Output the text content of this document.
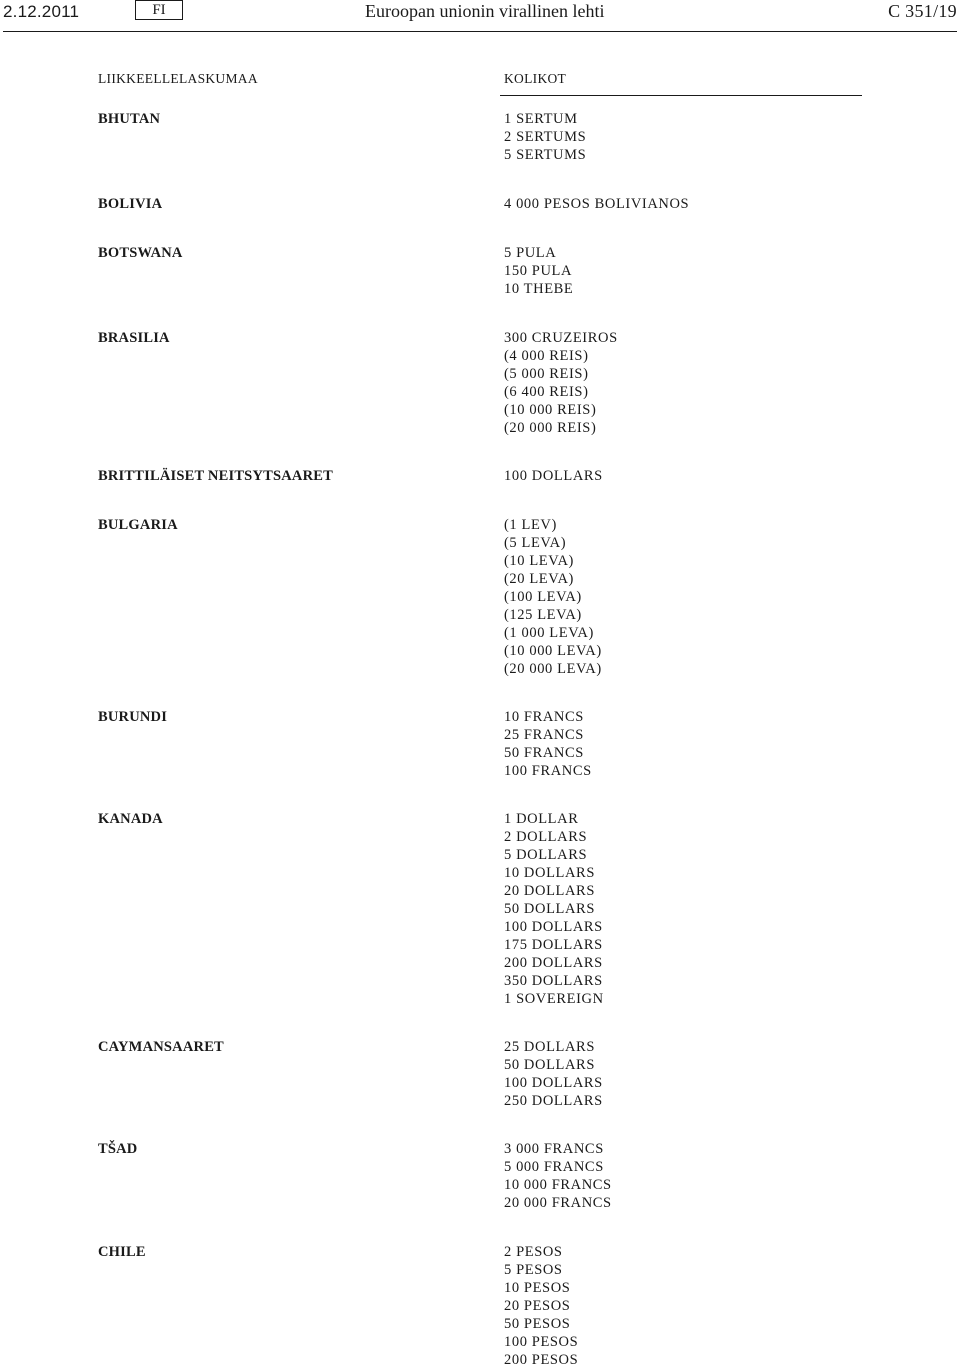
2.12.2011	FI	Euroopan unionin virallinen lehti	C 351/19
LIIKKEELLELASKUMAA	KOLIKOT
BHUTAN	1 SERTUM
2 SERTUMS
5 SERTUMS
BOLIVIA	4 000 PESOS BOLIVIANOS
BOTSWANA	5 PULA
150 PULA
10 THEBE
BRASILIA	300 CRUZEIROS
(4 000 REIS)
(5 000 REIS)
(6 400 REIS)
(10 000 REIS)
(20 000 REIS)
BRITTILÄISET NEITSYTSAARET	100 DOLLARS
BULGARIA	(1 LEV)
(5 LEVA)
(10 LEVA)
(20 LEVA)
(100 LEVA)
(125 LEVA)
(1 000 LEVA)
(10 000 LEVA)
(20 000 LEVA)
BURUNDI	10 FRANCS
25 FRANCS
50 FRANCS
100 FRANCS
KANADA	1 DOLLAR
2 DOLLARS
5 DOLLARS
10 DOLLARS
20 DOLLARS
50 DOLLARS
100 DOLLARS
175 DOLLARS
200 DOLLARS
350 DOLLARS
1 SOVEREIGN
CAYMANSAARET	25 DOLLARS
50 DOLLARS
100 DOLLARS
250 DOLLARS
TŠAD	3 000 FRANCS
5 000 FRANCS
10 000 FRANCS
20 000 FRANCS
CHILE	2 PESOS
5 PESOS
10 PESOS
20 PESOS
50 PESOS
100 PESOS
200 PESOS
